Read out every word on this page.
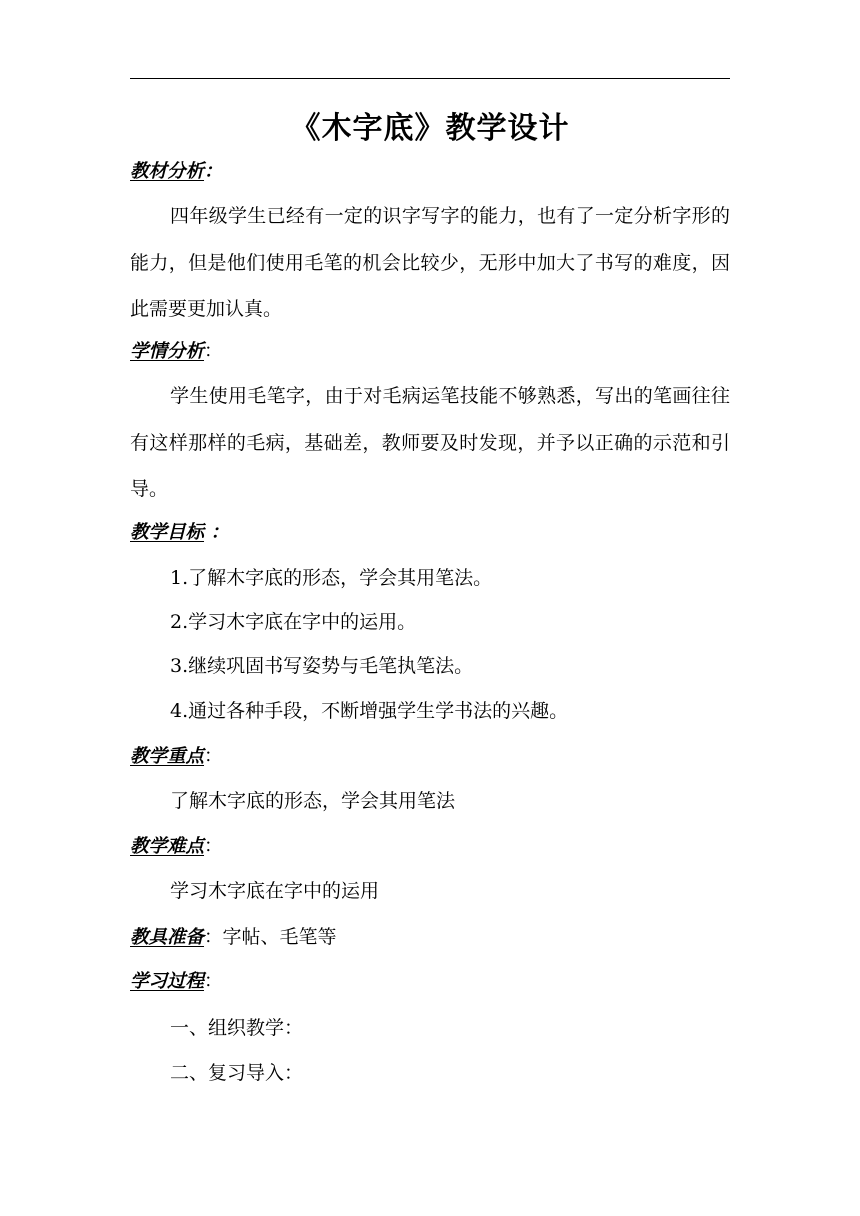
《木字底》教学设计
教材分析：
四年级学生已经有一定的识字写字的能力，也有了一定分析字形的能力，但是他们使用毛笔的机会比较少，无形中加大了书写的难度，因此需要更加认真。
学情分析：
学生使用毛笔字，由于对毛病运笔技能不够熟悉，写出的笔画往往有这样那样的毛病，基础差，教师要及时发现，并予以正确的示范和引导。
教学目标 ：
1.了解木字底的形态，学会其用笔法。
2.学习木字底在字中的运用。
3.继续巩固书写姿势与毛笔执笔法。
4.通过各种手段，不断增强学生学书法的兴趣。
教学重点：
了解木字底的形态，学会其用笔法
教学难点：
学习木字底在字中的运用
教具准备：字帖、毛笔等
学习过程：
一、组织教学：
二、复习导入：
